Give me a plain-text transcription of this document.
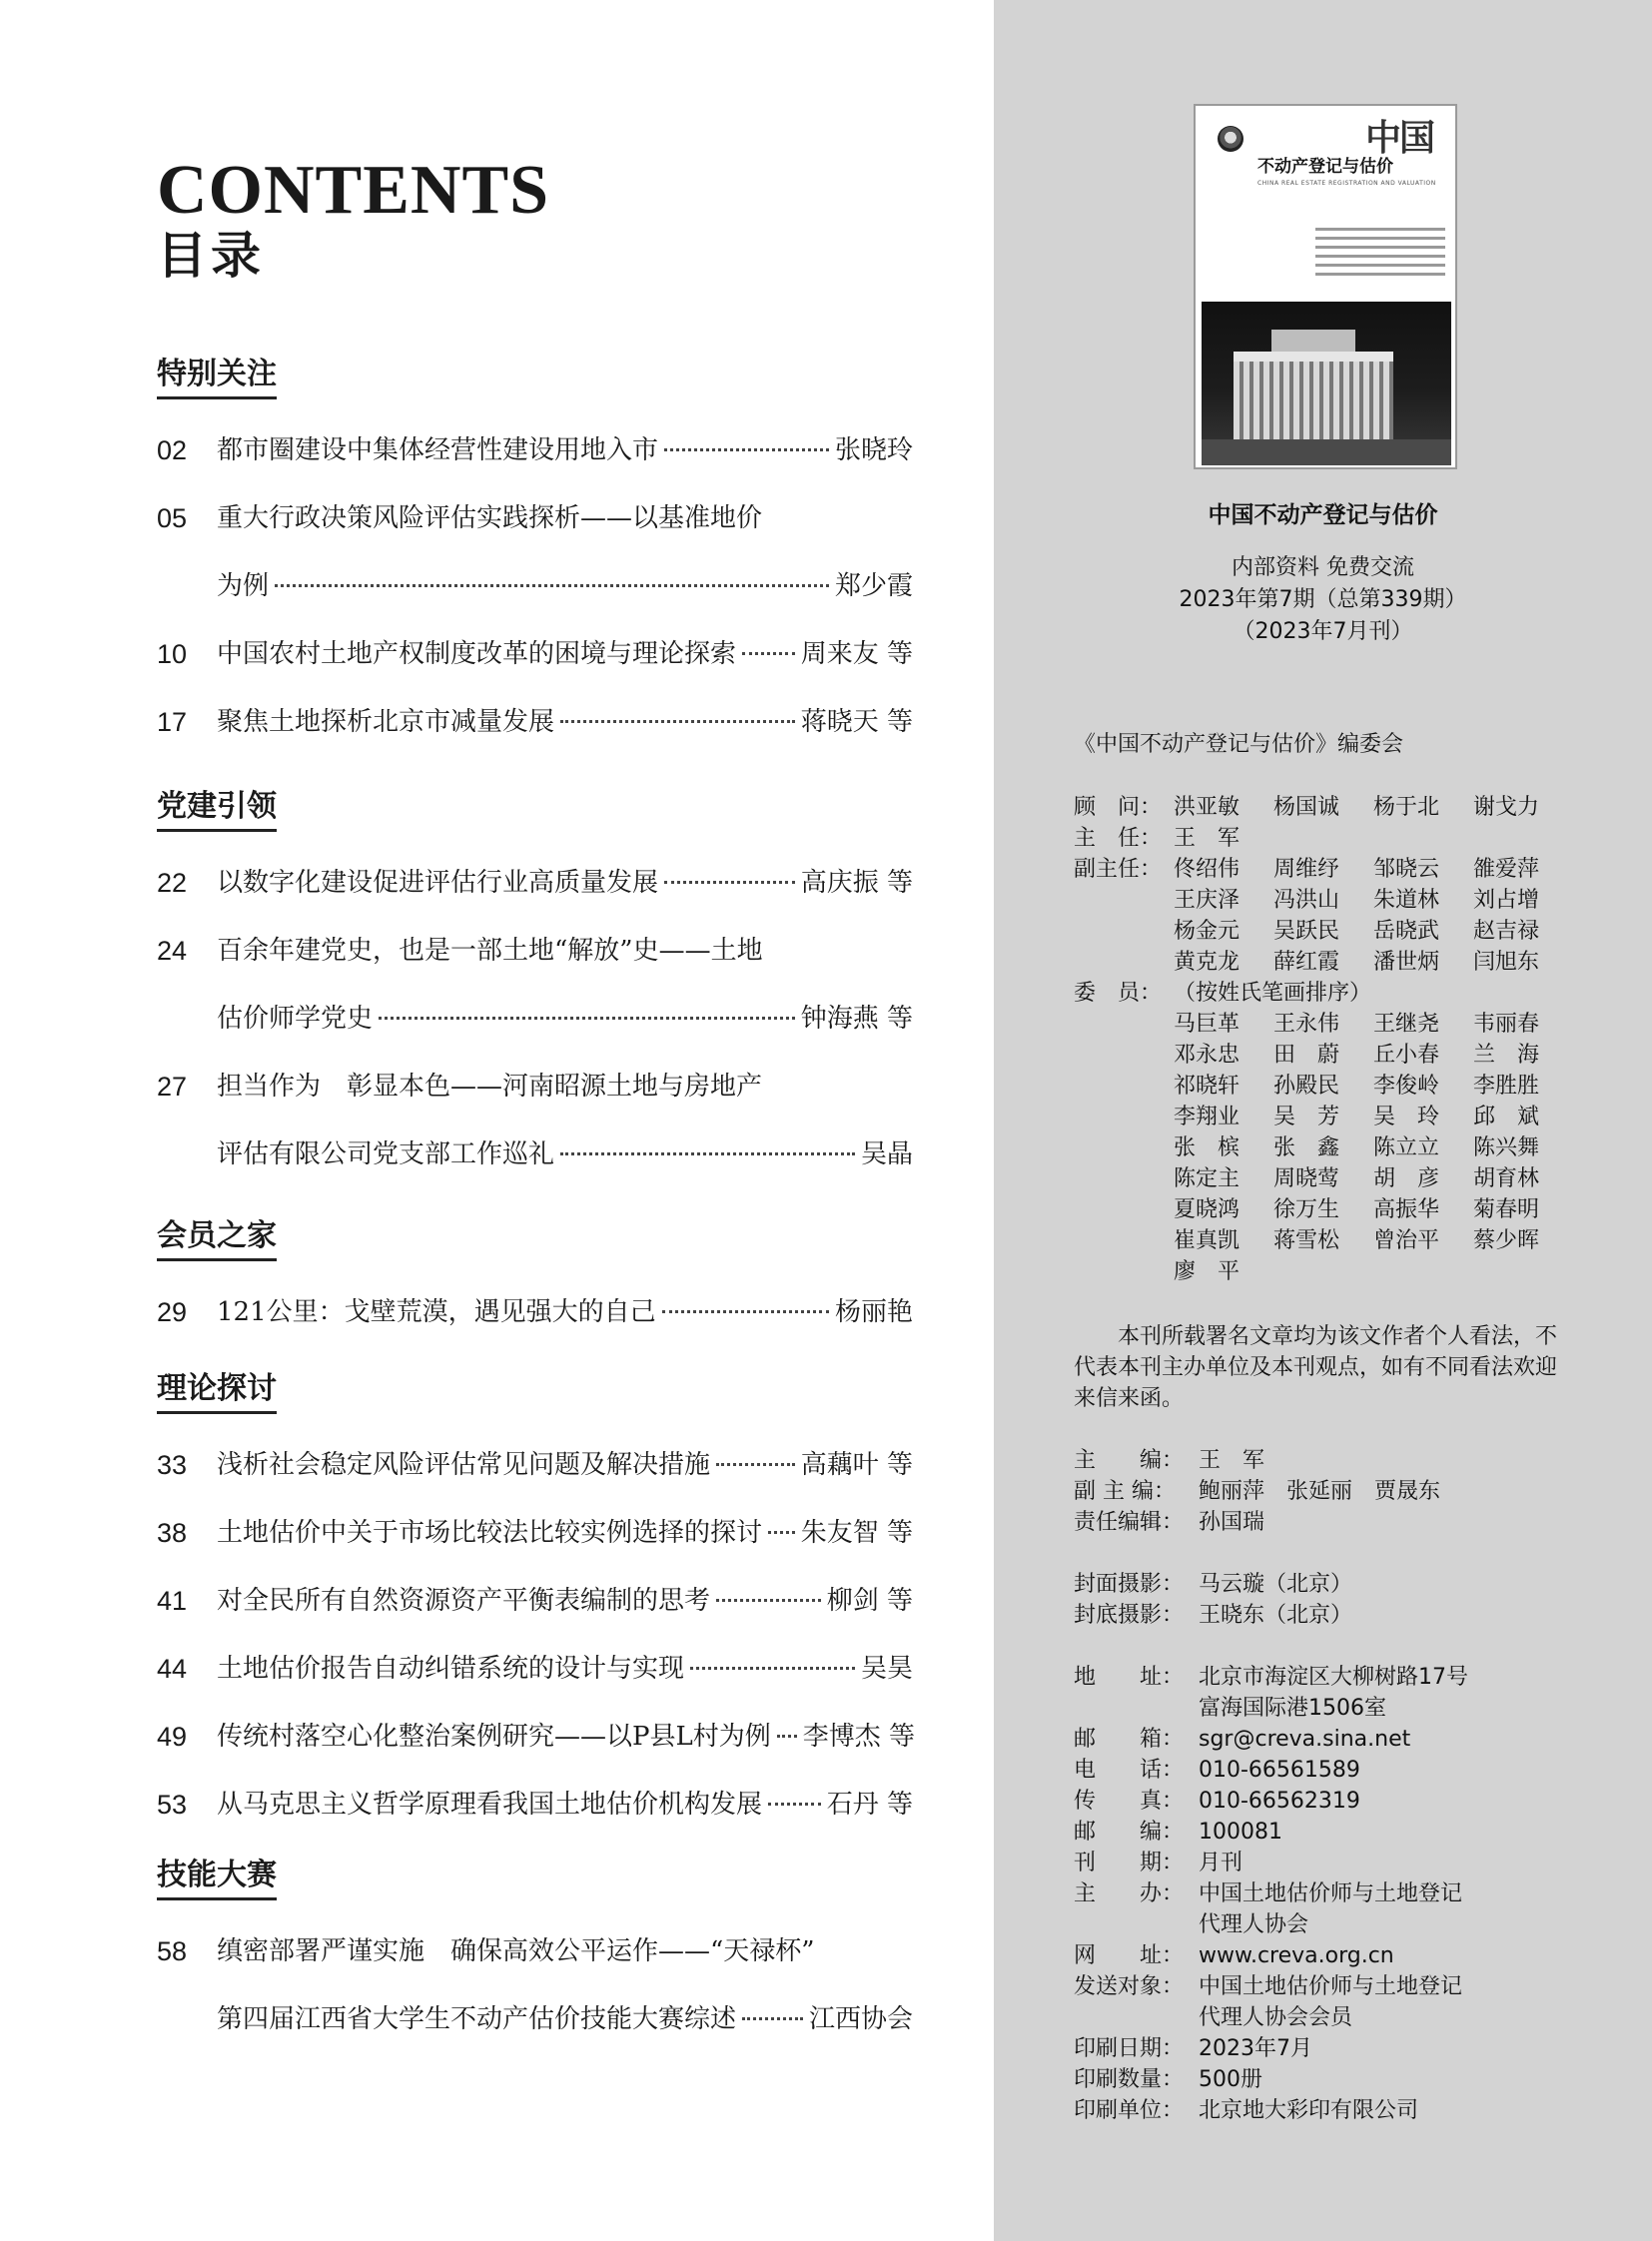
CONTENTS
目录
特别关注
02	都市圈建设中集体经营性建设用地入市	张晓玲
05	重大行政决策风险评估实践探析——以基准地价
为例	郑少霞
10	中国农村土地产权制度改革的困境与理论探索 周来友 等
17	聚焦土地探析北京市减量发展	蒋晓天 等
党建引领
22	以数字化建设促进评估行业高质量发展	高庆振 等
24	百余年建党史，也是一部土地“解放”史——土地
估价师学党史	钟海燕 等
27	担当作为　彰显本色——河南昭源土地与房地产
评估有限公司党支部工作巡礼	吴晶
会员之家
29	121公里：戈壁荒漠，遇见强大的自己	杨丽艳
理论探讨
33	浅析社会稳定风险评估常见问题及解决措施	高藕叶 等
38	土地估价中关于市场比较法比较实例选择的探讨 朱友智 等
41	对全民所有自然资源资产平衡表编制的思考	柳剑 等
44	土地估价报告自动纠错系统的设计与实现	吴昊
49	传统村落空心化整治案例研究——以P县L村为例 李博杰 等
53	从马克思主义哲学原理看我国土地估价机构发展 石丹 等
技能大赛
58	缜密部署严谨实施　确保高效公平运作——“天禄杯”
第四届江西省大学生不动产估价技能大赛综述	江西协会
中国
不动产登记与估价
CHINA REAL ESTATE REGISTRATION AND VALUATION
中国不动产登记与估价
内部资料 免费交流
2023年第7期（总第339期）
（2023年7月刊）
《中国不动产登记与估价》编委会

本刊所载署名文章均为该文作者个人看法，不代表本刊主办单位及本刊观点，如有不同看法欢迎来信来函。

顾　问： 洪亚敏	杨国诚	杨于北	谢戈力
主　任： 王　军
副主任： 佟绍伟	周维纾	邹晓云	雒爱萍
王庆泽	冯洪山	朱道林	刘占增
杨金元	吴跃民	岳晓武	赵吉禄
黄克龙	薛红霞	潘世炳	闫旭东
委　员： （按姓氏笔画排序）
马巨革	王永伟	王继尧	韦丽春
邓永忠	田　蔚	丘小春	兰　海
祁晓轩	孙殿民	李俊岭	李胜胜
李翔业	吴　芳	吴　玲	邱　斌
张　槟	张　鑫	陈立立	陈兴舞
陈定主	周晓莺	胡　彦	胡育林
夏晓鸿	徐万生	高振华	菊春明
崔真凯	蒋雪松	曾治平	蔡少晖
廖　平
主　　编： 王　军
副 主 编： 鲍丽萍　张延丽　贾晟东
责任编辑： 孙国瑞
封面摄影： 马云璇（北京）
封底摄影： 王晓东（北京）
地　　址： 北京市海淀区大柳树路17号
富海国际港1506室
邮　　箱： sgr@creva.sina.net
电　　话： 010-66561589
传　　真： 010-66562319
邮　　编： 100081
刊　　期： 月刊
主　　办： 中国土地估价师与土地登记
代理人协会
网　　址： www.creva.org.cn
发送对象： 中国土地估价师与土地登记
代理人协会会员
印刷日期： 2023年7月
印刷数量： 500册
印刷单位： 北京地大彩印有限公司
